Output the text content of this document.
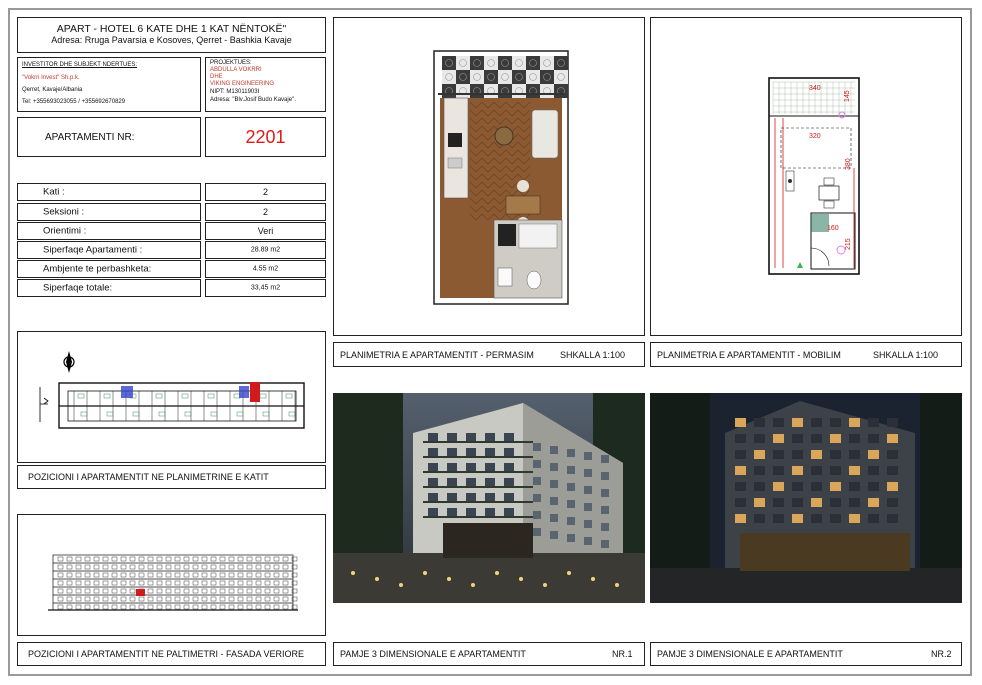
APART - HOTEL 6 KATE DHE 1 KAT NËNTOKË"
Adresa: Rruga Pavarsia e Kosoves, Qerret - Bashkia Kavaje
INVESTITOR DHE SUBJEKT NDERTUES:
"Vokrri Invest" Sh.p.k.
Qerret, Kavaje/Albania
Tel: +355693023055 / +355692670829
PROJEKTUES:
ABDULLA VOKRRI
DHE
VIKING ENGINEERING
NIPT: M13011903I
Adresa: "Blv.Josif Budo Kavaje".
APARTAMENTI NR:	2201
Kati :	2
Seksioni :	2
Orientimi :	Veri
Siperfaqe Apartamenti :	28.89 m2
Ambjente te perbashketa:	4.55 m2
Siperfaqe totale:	33,45 m2
POZICIONI I APARTAMENTIT NE PLANIMETRINE E KATIT
POZICIONI I APARTAMENTIT NE PALTIMETRI - FASADA VERIORE
PLANIMETRIA E APARTAMENTIT - PERMASIM	SHKALLA 1:100
340
145
320
380
160
215
PLANIMETRIA E APARTAMENTIT - MOBILIM	SHKALLA 1:100
PAMJE 3 DIMENSIONALE E APARTAMENTIT	NR.1	PAMJE 3 DIMENSIONALE E APARTAMENTIT	NR.2
